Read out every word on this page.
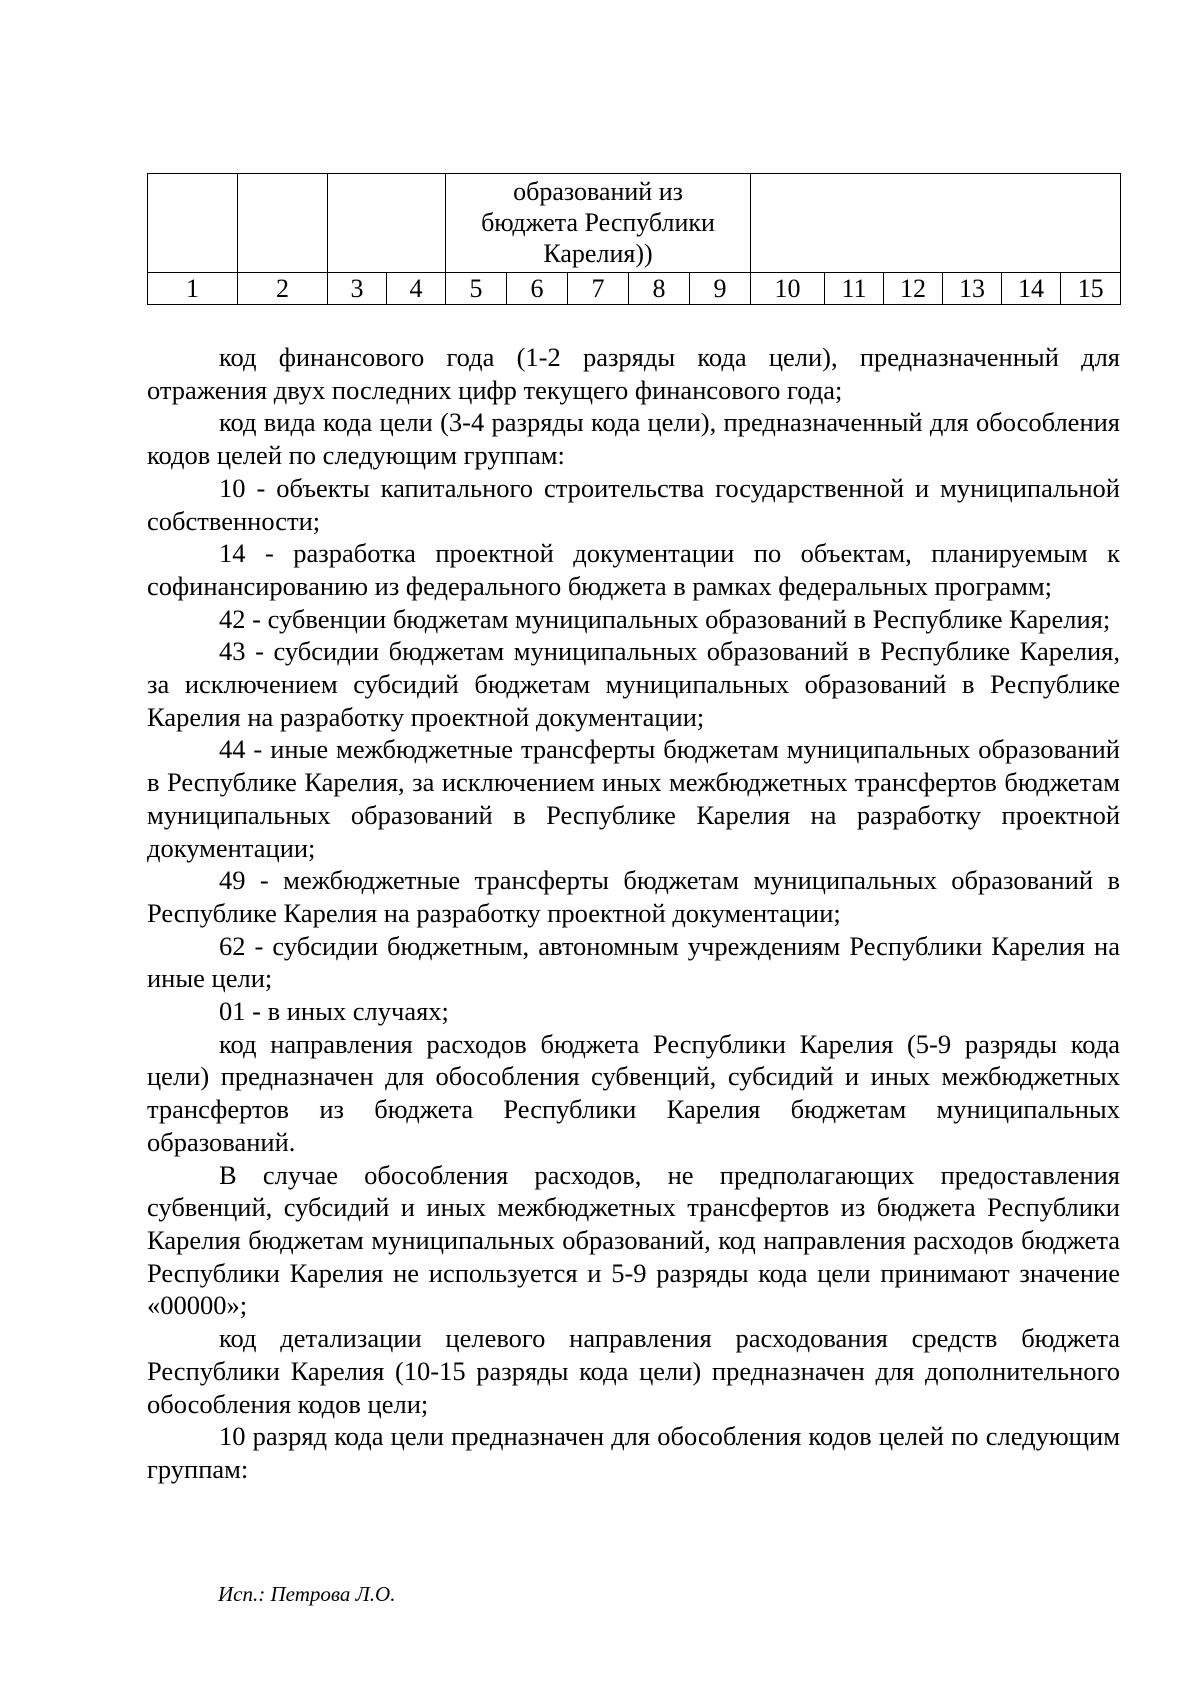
				образований из
бюджета Республики
Карелия))										

1	2	3	4	5	6	7	8	9	10	11	12	13	14	15

код финансового года (1-2 разряды кода цели), предназначенный для отражения двух последних цифр текущего финансового года;

код вида кода цели (3-4 разряды кода цели), предназначенный для обособления кодов целей по следующим группам:

10 - объекты капитального строительства государственной и муниципальной собственности;

14 - разработка проектной документации по объектам, планируемым к софинансированию из федерального бюджета в рамках федеральных программ;

42 - субвенции бюджетам муниципальных образований в Республике Карелия;

43 - субсидии бюджетам муниципальных образований в Республике Карелия, за исключением субсидий бюджетам муниципальных образований в Республике Карелия на разработку проектной документации;

44 - иные межбюджетные трансферты бюджетам муниципальных образований в Республике Карелия, за исключением иных межбюджетных трансфертов бюджетам муниципальных образований в Республике Карелия на разработку проектной документации;

49 - межбюджетные трансферты бюджетам муниципальных образований в Республике Карелия на разработку проектной документации;

62 - субсидии бюджетным, автономным учреждениям Республики Карелия на иные цели;

01 - в иных случаях;

код направления расходов бюджета Республики Карелия (5-9 разряды кода цели) предназначен для обособления субвенций, субсидий и иных межбюджетных трансфертов из бюджета Республики Карелия бюджетам муниципальных образований.

В случае обособления расходов, не предполагающих предоставления субвенций, субсидий и иных межбюджетных трансфертов из бюджета Республики Карелия бюджетам муниципальных образований, код направления расходов бюджета Республики Карелия не используется и 5-9 разряды кода цели принимают значение «00000»;

код детализации целевого направления расходования средств бюджета Республики Карелия (10-15 разряды кода цели) предназначен для дополнительного обособления кодов цели;

10 разряд кода цели предназначен для обособления кодов целей по следующим группам:

Исп.: Петрова Л.О.
